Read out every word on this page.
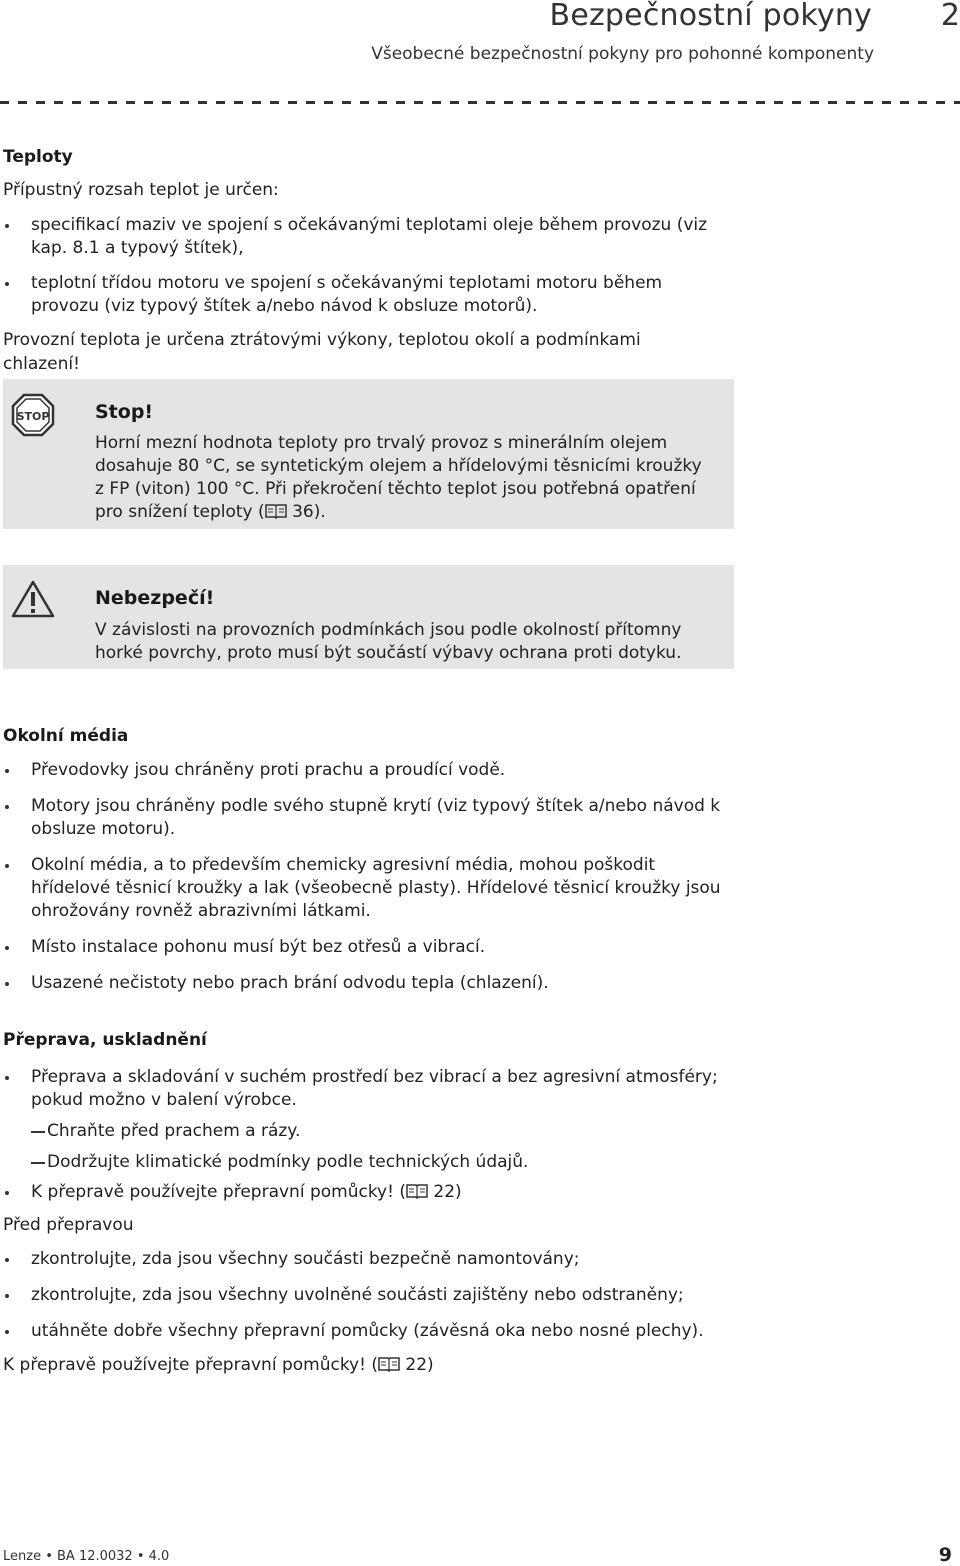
Bezpečnostní pokyny	2
Všeobecné bezpečnostní pokyny pro pohonné komponenty

Teploty

Přípustný rozsah teplot je určen:

specifikací maziv ve spojení s očekávanými teplotami oleje během provozu (viz kap. 8.1 a typový štítek),

teplotní třídou motoru ve spojení s očekávanými teplotami motoru během provozu (viz typový štítek a/nebo návod k obsluze motorů).

Provozní teplota je určena ztrátovými výkony, teplotou okolí a podmínkami chlazení!

STOP Stop!
Horní mezní hodnota teploty pro trvalý provoz s minerálním olejem dosahuje 80 °C, se syntetickým olejem a hřídelovými těsnicími kroužky z FP (viton) 100 °C. Při překročení těchto teplot jsou potřebná opatření pro snížení teploty ( 36).
Nebezpečí!
V závislosti na provozních podmínkách jsou podle okolností přítomny horké povrchy, proto musí být součástí výbavy ochrana proti dotyku.

Okolní média

Převodovky jsou chráněny proti prachu a proudící vodě.

Motory jsou chráněny podle svého stupně krytí (viz typový štítek a/nebo návod k obsluze motoru).

Okolní média, a to především chemicky agresivní média, mohou poškodit hřídelové těsnicí kroužky a lak (všeobecně plasty). Hřídelové těsnicí kroužky jsou ohrožovány rovněž abrazivními látkami.

Místo instalace pohonu musí být bez otřesů a vibrací.

Usazené nečistoty nebo prach brání odvodu tepla (chlazení).

Přeprava, uskladnění

Přeprava a skladování v suchém prostředí bez vibrací a bez agresivní atmosféry; pokud možno v balení výrobce.

Chraňte před prachem a rázy.

Dodržujte klimatické podmínky podle technických údajů.

K přepravě používejte přepravní pomůcky! ( 22)

Před přepravou

zkontrolujte, zda jsou všechny součásti bezpečně namontovány;

zkontrolujte, zda jsou všechny uvolněné součásti zajištěny nebo odstraněny;

utáhněte dobře všechny přepravní pomůcky (závěsná oka nebo nosné plechy).

K přepravě používejte přepravní pomůcky! ( 22)

Lenze • BA 12.0032 • 4.0	9
